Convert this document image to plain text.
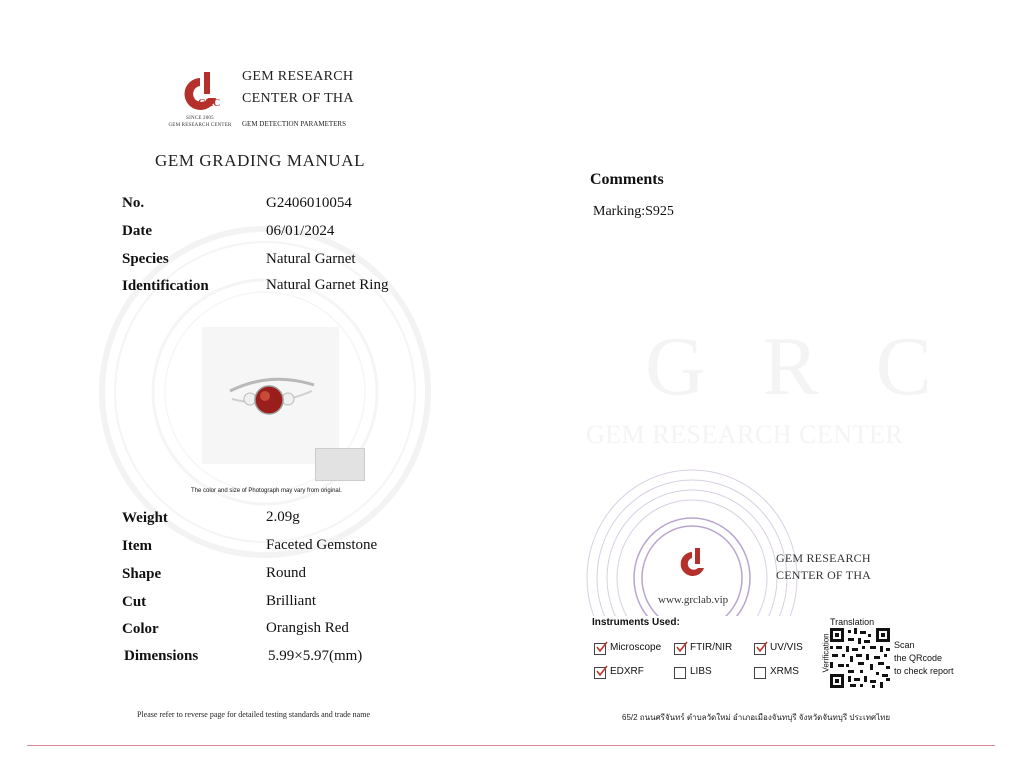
GRC
SINCE 2005
GEM RESEARCH CENTER
GEM RESEARCH
CENTER OF THA
GEM DETECTION PARAMETERS
GEM GRADING MANUAL
No.	G2406010054
Date	06/01/2024
Species	Natural Garnet
Identification	Natural Garnet Ring
The color and size of Photograph may vary from original.
Weight	2.09g
Item	Faceted Gemstone
Shape	Round
Cut	Brilliant
Color	Orangish Red
Dimensions	5.99×5.97(mm)
Please refer to reverse page for detailed testing standards and trade name
Comments
Marking:S925
G R C
GEM RESEARCH CENTER
GEM RESEARCH
CENTER OF THA
www.grclab.vip
Instruments Used:
Microscope	FTIR/NIR	UV/VIS
EDXRF	LIBS	XRMS
Translation
Verification	Scan
the QRcode
to check report
65/2 ถนนศรีจันทร์ ตำบลวัดใหม่ อำเภอเมืองจันทบุรี จังหวัดจันทบุรี ประเทศไทย
